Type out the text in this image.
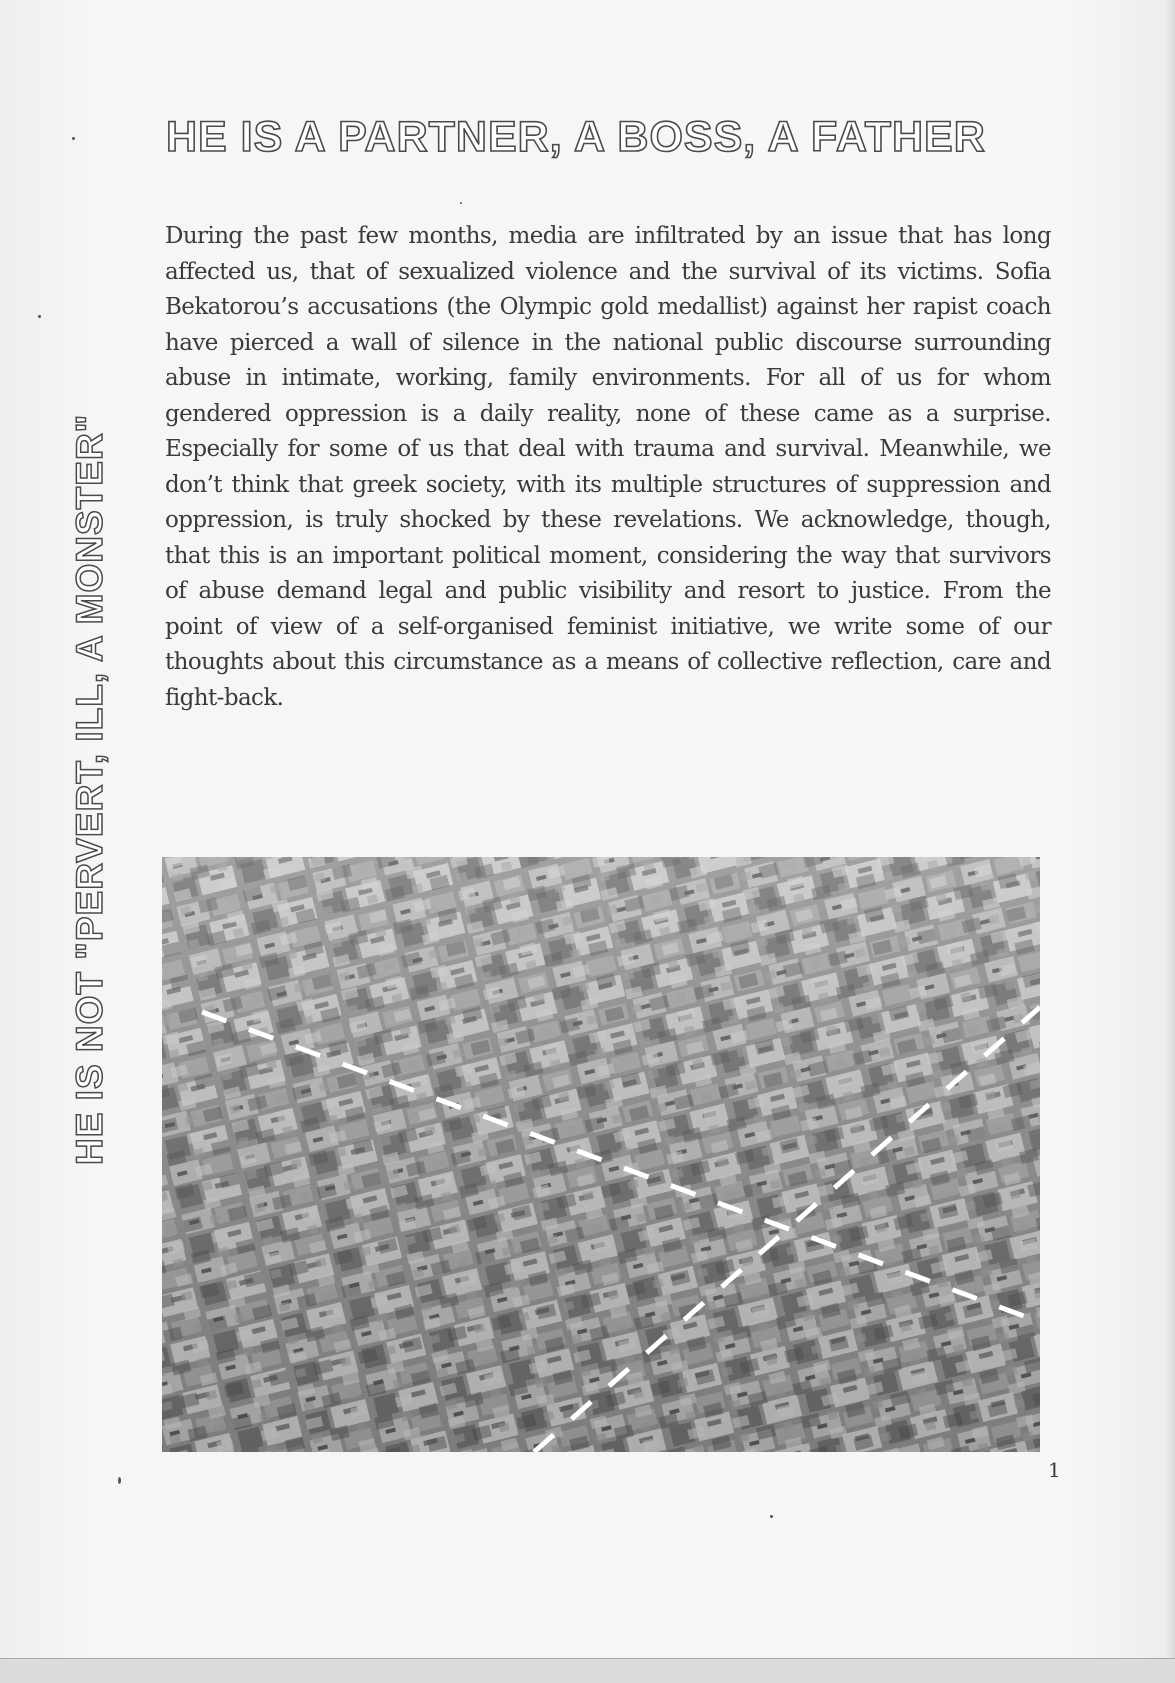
HE IS A PARTNER, A BOSS, A FATHER
HE IS NOT "PERVERT, ILL, A MONSTER"

During the past few months, media are infiltrated by an issue that has long affected us, that of sexualized violence and the survival of its victims. Sofia Bekatorou’s accusations (the Olympic gold medallist) against her rapist coach have pierced a wall of silence in the national public discourse surrounding abuse in intimate, working, family environments. For all of us for whom gendered oppression is a daily reality, none of these came as a surprise. Especially for some of us that deal with trauma and survival. Meanwhile, we don’t think that greek society, with its multiple structures of suppression and oppression, is truly shocked by these revelations. We acknowledge, though, that this is an important political moment, considering the way that survivors of abuse demand legal and public visibility and resort to justice. From the point of view of a self-organised feminist initiative, we write some of our thoughts about this circumstance as a means of collective reflection, care and fight-back.

1
